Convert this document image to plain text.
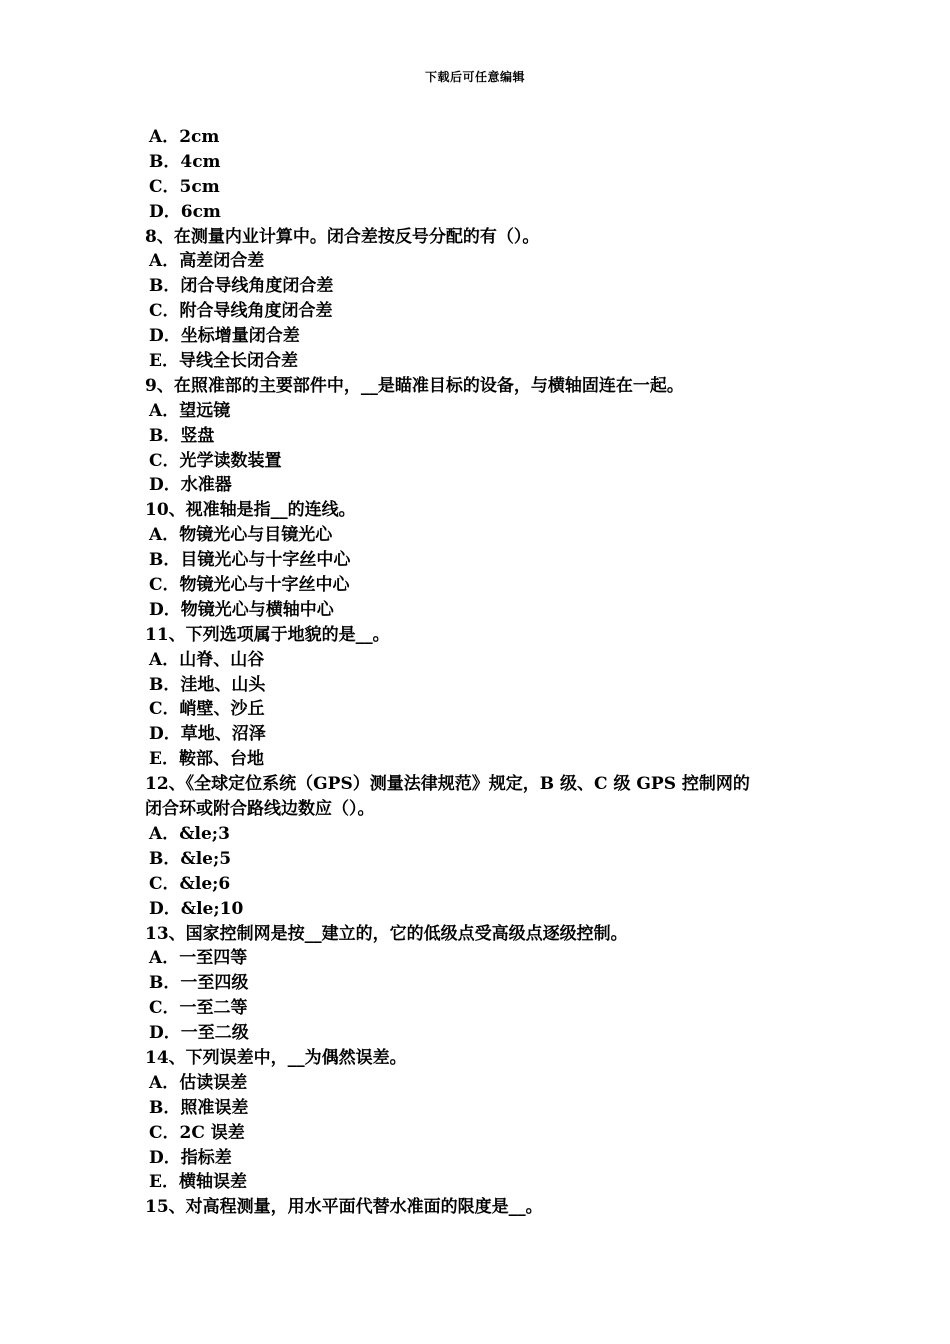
下载后可任意编辑
A．2cm
B．4cm
C．5cm
D．6cm
8、在测量内业计算中。闭合差按反号分配的有（）。
A．高差闭合差
B．闭合导线角度闭合差
C．附合导线角度闭合差
D．坐标增量闭合差
E．导线全长闭合差
9、在照准部的主要部件中，__是瞄准目标的设备，与横轴固连在一起。
A．望远镜
B．竖盘
C．光学读数装置
D．水准器
10、视准轴是指__的连线。
A．物镜光心与目镜光心
B．目镜光心与十字丝中心
C．物镜光心与十字丝中心
D．物镜光心与横轴中心
11、下列选项属于地貌的是__。
A．山脊、山谷
B．洼地、山头
C．峭壁、沙丘
D．草地、沼泽
E．鞍部、台地
12、《全球定位系统（GPS）测量法律规范》规定，B 级、C 级 GPS 控制网的
闭合环或附合路线边数应（）。
A．&le;3
B．&le;5
C．&le;6
D．&le;10
13、国家控制网是按__建立的，它的低级点受高级点逐级控制。
A．一至四等
B．一至四级
C．一至二等
D．一至二级
14、下列误差中，__为偶然误差。
A．估读误差
B．照准误差
C．2C 误差
D．指标差
E．横轴误差
15、对高程测量，用水平面代替水准面的限度是__。
